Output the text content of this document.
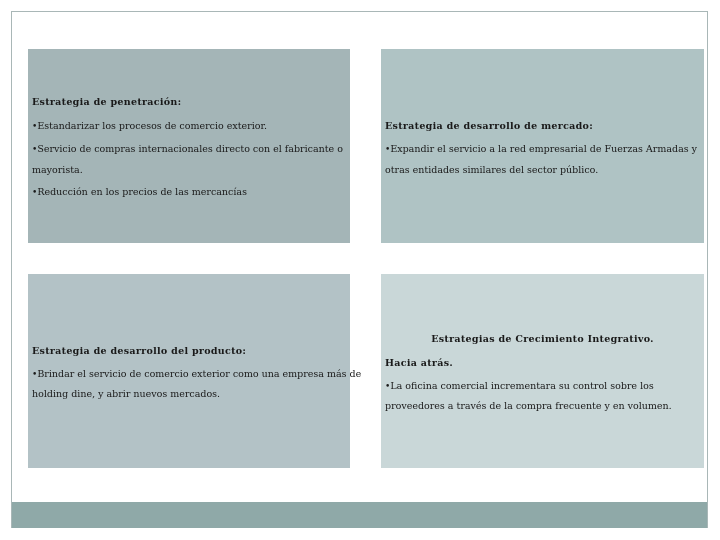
Estrategia de penetración:
•Estandarizar los procesos de comercio exterior.
•Servicio de compras internacionales directo con el fabricante o
mayorista.
•Reducción en los precios de las mercancías
Estrategia de desarrollo de mercado:
•Expandir el servicio a la red empresarial de Fuerzas Armadas y
otras entidades similares del sector público.
Estrategia de desarrollo del producto:
•Brindar el servicio de comercio exterior como una empresa más de
holding dine, y abrir nuevos mercados.
Estrategias de Crecimiento Integrativo.
Hacia atrás.
•La oficina comercial incrementara su control sobre los
proveedores a través de la compra frecuente y en volumen.
